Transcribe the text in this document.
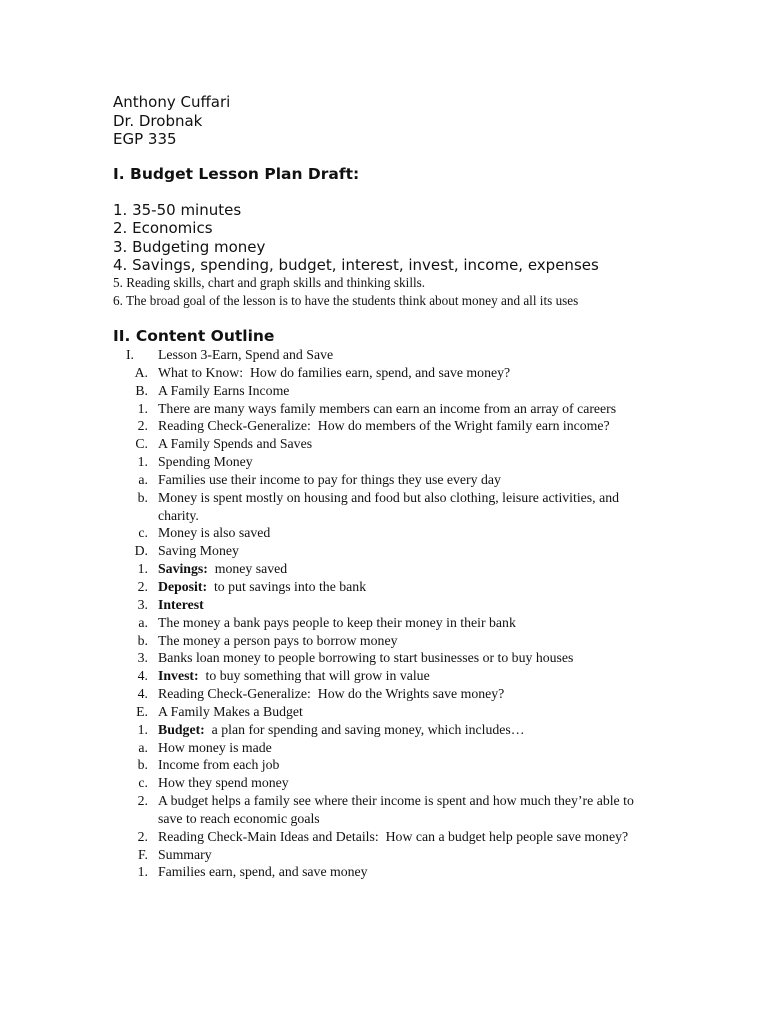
Anthony Cuffari
Dr. Drobnak
EGP 335
I. Budget Lesson Plan Draft:
1. 35-50 minutes
2. Economics
3. Budgeting money
4. Savings, spending, budget, interest, invest, income, expenses
5. Reading skills, chart and graph skills and thinking skills.
6. The broad goal of the lesson is to have the students think about money and all its uses
II. Content Outline
I. Lesson 3-Earn, Spend and Save
A. What to Know:  How do families earn, spend, and save money?
B. A Family Earns Income
1. There are many ways family members can earn an income from an array of careers
2. Reading Check-Generalize:  How do members of the Wright family earn income?
C. A Family Spends and Saves
1. Spending Money
a. Families use their income to pay for things they use every day
b. Money is spent mostly on housing and food but also clothing, leisure activities, and charity.
c. Money is also saved
D. Saving Money
1. Savings:  money saved
2. Deposit:  to put savings into the bank
3. Interest
a. The money a bank pays people to keep their money in their bank
b. The money a person pays to borrow money
3. Banks loan money to people borrowing to start businesses or to buy houses
4. Invest:  to buy something that will grow in value
4. Reading Check-Generalize:  How do the Wrights save money?
E. A Family Makes a Budget
1. Budget:  a plan for spending and saving money, which includes…
a. How money is made
b. Income from each job
c. How they spend money
2. A budget helps a family see where their income is spent and how much they’re able to save to reach economic goals
2. Reading Check-Main Ideas and Details:  How can a budget help people save money?
F. Summary
1. Families earn, spend, and save money
